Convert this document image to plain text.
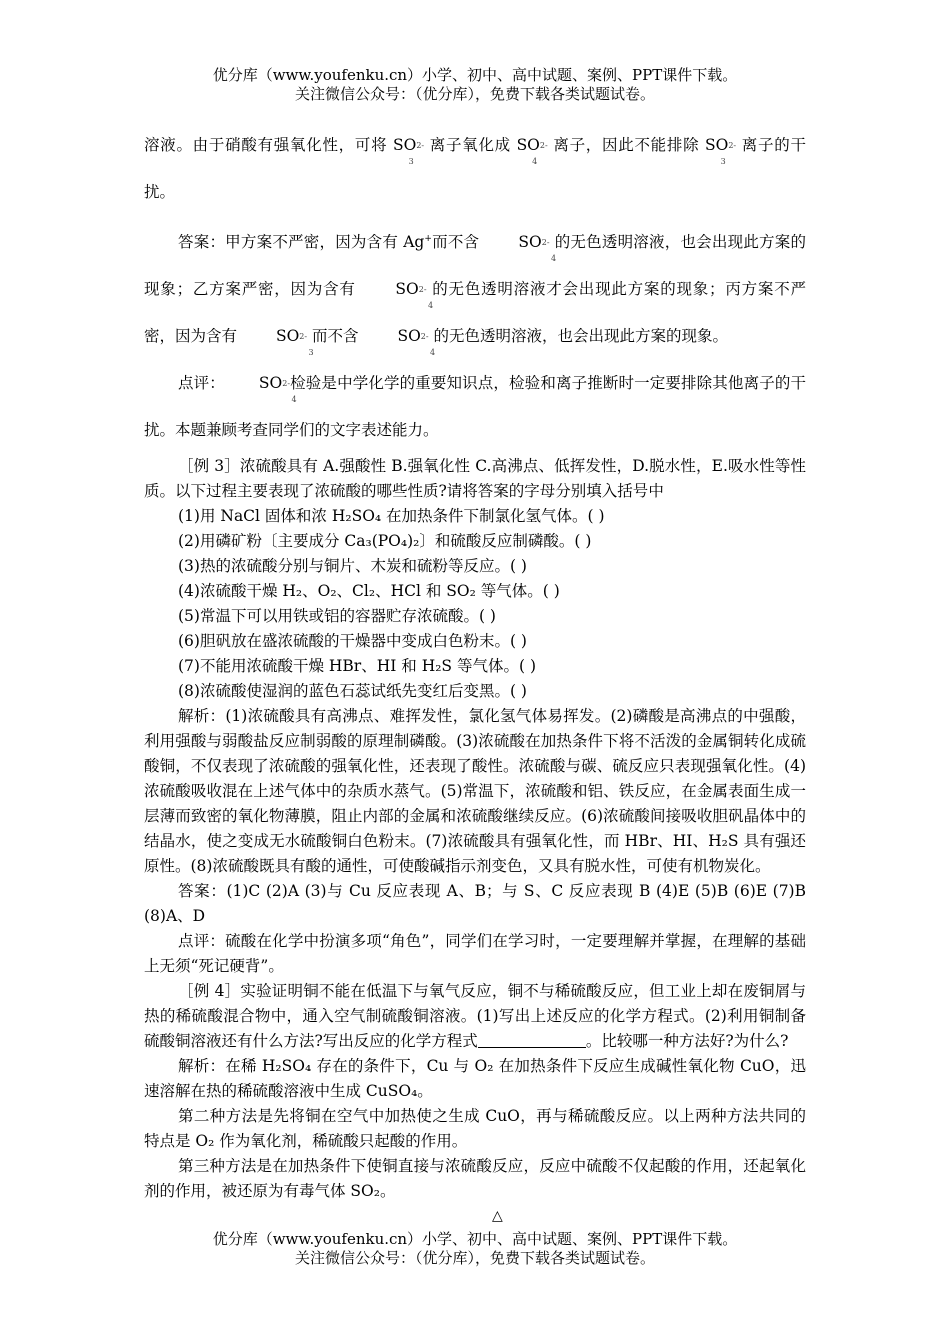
优分库（www.youfenku.cn）小学、初中、高中试题、案例、PPT课件下载。
关注微信公众号：（优分库），免费下载各类试题试卷。

溶液。由于硝酸有强氧化性，可将 SO2-
3
离子氧化成 SO2-
4
离子，因此不能排除 SO2-
3
离子的干扰。

答案：甲方案不严密，因为含有 Ag+而不含	SO2-
4
的无色透明溶液，也会出现此方案的现象；乙方案严密，因为含有	SO2-
4
的无色透明溶液才会出现此方案的现象；丙方案不严密，因为含有	SO2-
3
而不含	SO2-
4
的无色透明溶液，也会出现此方案的现象。

点评： SO2-
4
检验是中学化学的重要知识点，检验和离子推断时一定要排除其他离子的干扰。本题兼顾考查同学们的文字表述能力。

［例 3］浓硫酸具有 A.强酸性 B.强氧化性 C.高沸点、低挥发性，D.脱水性，E.吸水性等性质。以下过程主要表现了浓硫酸的哪些性质?请将答案的字母分别填入括号中

(1)用 NaCl 固体和浓 H₂SO₄ 在加热条件下制氯化氢气体。( )

(2)用磷矿粉〔主要成分 Ca₃(PO₄)₂〕和硫酸反应制磷酸。( )

(3)热的浓硫酸分别与铜片、木炭和硫粉等反应。( )

(4)浓硫酸干燥 H₂、O₂、Cl₂、HCl 和 SO₂ 等气体。( )

(5)常温下可以用铁或铝的容器贮存浓硫酸。( )

(6)胆矾放在盛浓硫酸的干燥器中变成白色粉末。( )

(7)不能用浓硫酸干燥 HBr、HI 和 H₂S 等气体。( )

(8)浓硫酸使湿润的蓝色石蕊试纸先变红后变黑。( )

解析：(1)浓硫酸具有高沸点、难挥发性，氯化氢气体易挥发。(2)磷酸是高沸点的中强酸，利用强酸与弱酸盐反应制弱酸的原理制磷酸。(3)浓硫酸在加热条件下将不活泼的金属铜转化成硫酸铜，不仅表现了浓硫酸的强氧化性，还表现了酸性。浓硫酸与碳、硫反应只表现强氧化性。(4)浓硫酸吸收混在上述气体中的杂质水蒸气。(5)常温下，浓硫酸和铝、铁反应，在金属表面生成一层薄而致密的氧化物薄膜，阻止内部的金属和浓硫酸继续反应。(6)浓硫酸间接吸收胆矾晶体中的结晶水，使之变成无水硫酸铜白色粉末。(7)浓硫酸具有强氧化性，而 HBr、HI、H₂S 具有强还原性。(8)浓硫酸既具有酸的通性，可使酸碱指示剂变色，又具有脱水性，可使有机物炭化。

答案：(1)C (2)A (3)与 Cu 反应表现 A、B；与 S、C 反应表现 B (4)E (5)B (6)E (7)B (8)A、D

点评：硫酸在化学中扮演多项“角色”，同学们在学习时，一定要理解并掌握，在理解的基础上无须“死记硬背”。

［例 4］实验证明铜不能在低温下与氧气反应，铜不与稀硫酸反应，但工业上却在废铜屑与热的稀硫酸混合物中，通入空气制硫酸铜溶液。(1)写出上述反应的化学方程式。(2)利用铜制备硫酸铜溶液还有什么方法?写出反应的化学方程式	。比较哪一种方法好?为什么?

解析：在稀 H₂SO₄ 存在的条件下，Cu 与 O₂ 在加热条件下反应生成碱性氧化物 CuO，迅速溶解在热的稀硫酸溶液中生成 CuSO₄。

第二种方法是先将铜在空气中加热使之生成 CuO，再与稀硫酸反应。以上两种方法共同的特点是 O₂ 作为氧化剂，稀硫酸只起酸的作用。

第三种方法是在加热条件下使铜直接与浓硫酸反应，反应中硫酸不仅起酸的作用，还起氧化剂的作用，被还原为有毒气体 SO₂。

△
优分库（www.youfenku.cn）小学、初中、高中试题、案例、PPT课件下载。
关注微信公众号：（优分库），免费下载各类试题试卷。
